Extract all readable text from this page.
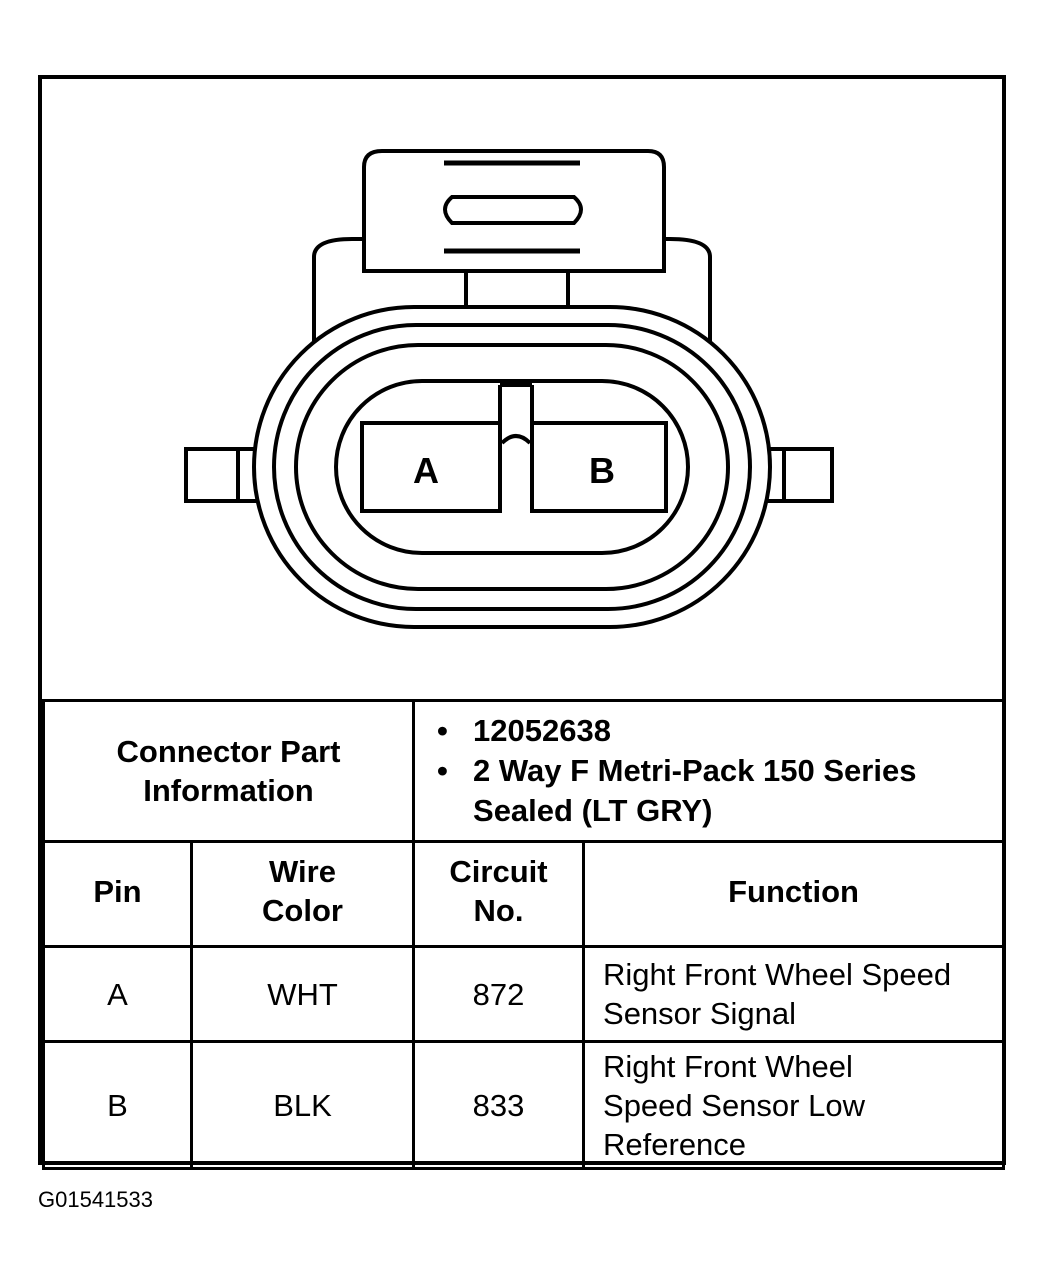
A	B
Connector Part Information		• 12052638
• 2 Way F Metri-Pack 150 Series Sealed (LT GRY)

Pin	Wire Color	Circuit No.	Function
A	WHT	872	Right Front Wheel Speed Sensor Signal
B	BLK	833	Right Front Wheel Speed Sensor Low Reference
G01541533
